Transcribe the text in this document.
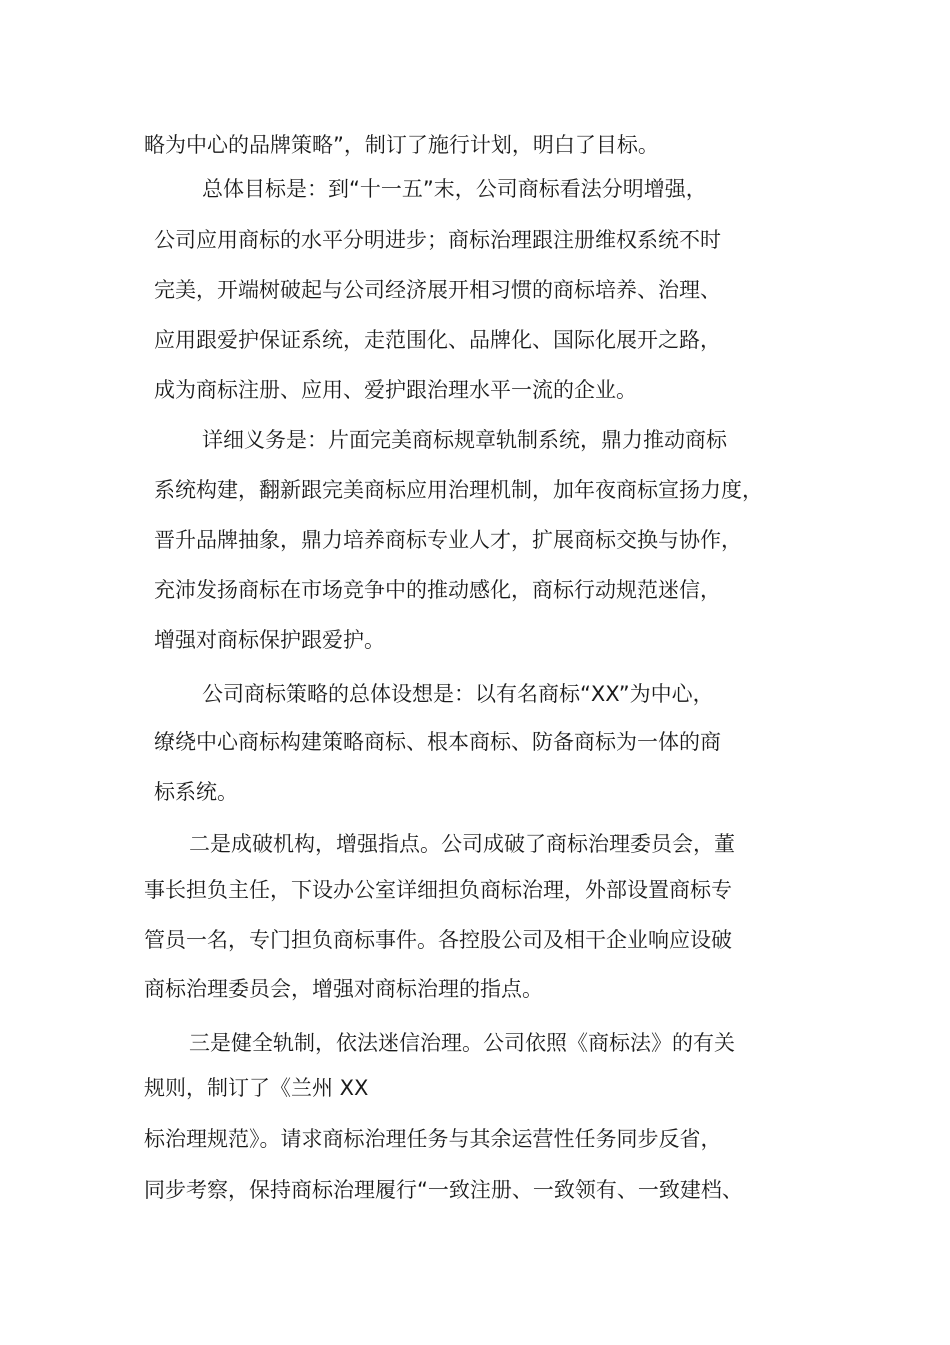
略为中心的品牌策略”，制订了施行计划，明白了目标。
总体目标是：到“十一五”末，公司商标看法分明增强，
公司应用商标的水平分明进步；商标治理跟注册维权系统不时
完美，开端树破起与公司经济展开相习惯的商标培养、治理、
应用跟爱护保证系统，走范围化、品牌化、国际化展开之路，
成为商标注册、应用、爱护跟治理水平一流的企业。
详细义务是：片面完美商标规章轨制系统，鼎力推动商标
系统构建，翻新跟完美商标应用治理机制，加年夜商标宣扬力度，
晋升品牌抽象，鼎力培养商标专业人才，扩展商标交换与协作，
充沛发扬商标在市场竞争中的推动感化，商标行动规范迷信，
增强对商标保护跟爱护。
公司商标策略的总体设想是：以有名商标“XX”为中心，
缭绕中心商标构建策略商标、根本商标、防备商标为一体的商
标系统。
二是成破机构，增强指点。公司成破了商标治理委员会，董
事长担负主任，下设办公室详细担负商标治理，外部设置商标专
管员一名，专门担负商标事件。各控股公司及相干企业响应设破
商标治理委员会，增强对商标治理的指点。
三是健全轨制，依法迷信治理。公司依照《商标法》的有关
规则，制订了《兰州 XX
标治理规范》。请求商标治理任务与其余运营性任务同步反省，
同步考察，保持商标治理履行“一致注册、一致领有、一致建档、
